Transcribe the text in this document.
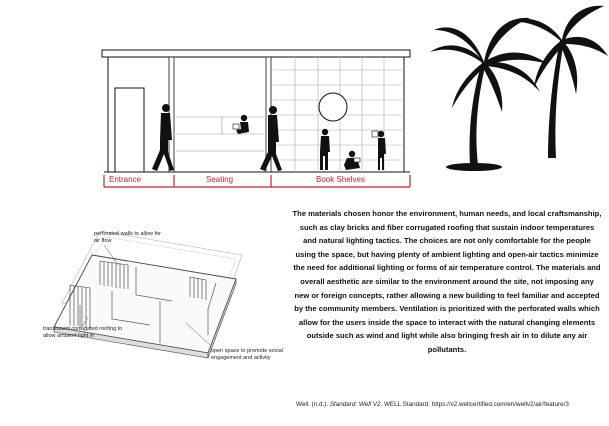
Entrance	Seating	Book Shelves
perforated walls to allow for air flow
translucent corrugated roofing to allow ambient light in
open space to promote social engagement and activity
The materials chosen honor the environment, human needs, and local craftsmanship, such as clay bricks and fiber corrugated roofing that sustain indoor temperatures and natural lighting tactics. The choices are not only comfortable for the people using the space, but having plenty of ambient lighting and open-air tactics minimize the need for additional lighting or forms of air temperature control. The materials and overall aesthetic are similar to the environment around the site, not imposing any new or foreign concepts, rather allowing a new building to feel familiar and accepted by the community members. Ventilation is prioritized with the perforated walls which allow for the users inside the space to interact with the natural changing elements outside such as wind and light while also bringing fresh air in to dilute any air pollutants.
Well. (n.d.). Standard: Well V2. WELL Standard. https://v2.wellcertified.com/en/wellv2/air/feature/3
